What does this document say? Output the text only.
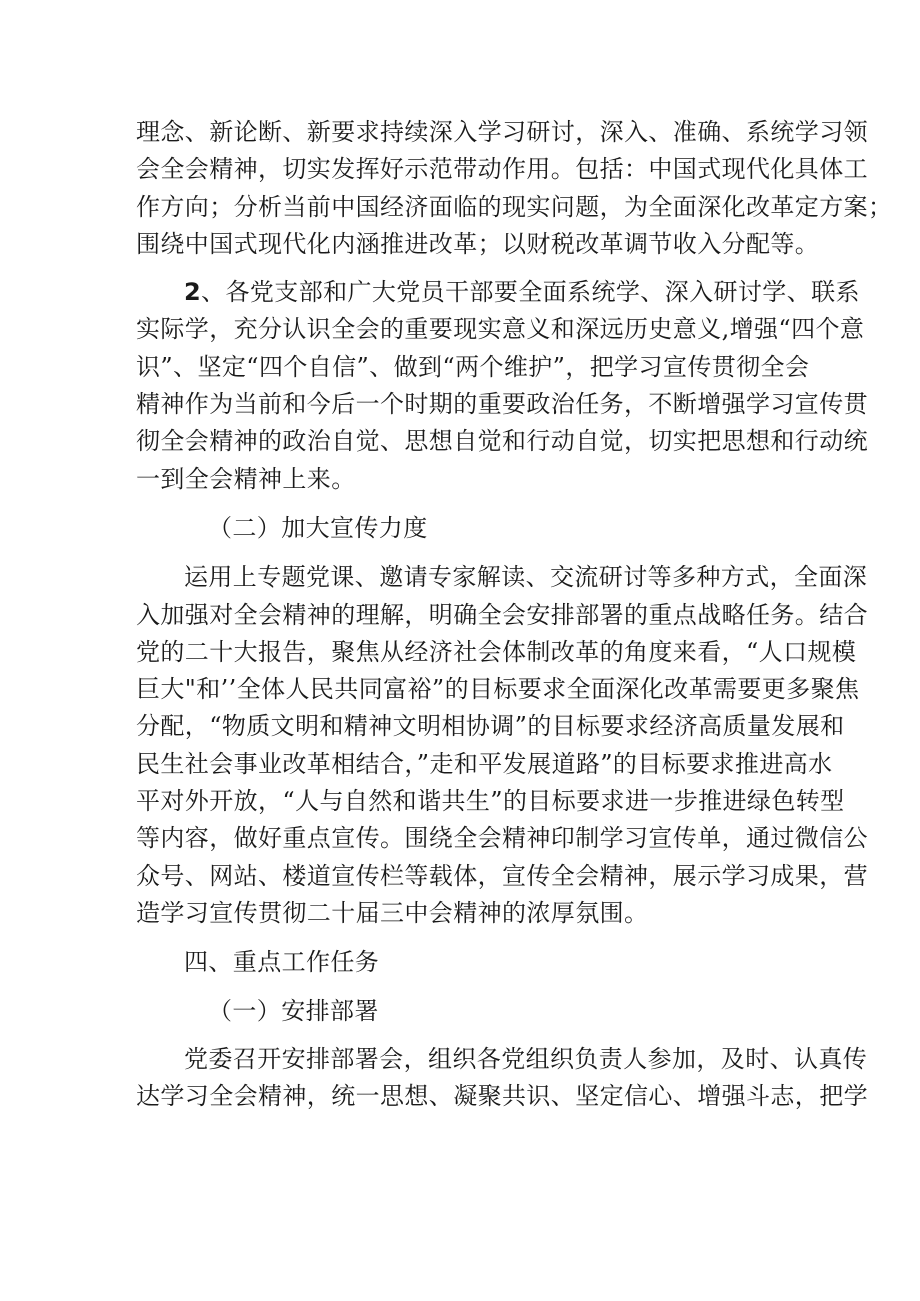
理念、新论断、新要求持续深入学习研讨，深入、准确、系统学习领
会全会精神，切实发挥好示范带动作用。包括：中国式现代化具体工
作方向；分析当前中国经济面临的现实问题，为全面深化改革定方案；
围绕中国式现代化内涵推进改革；以财税改革调节收入分配等。
2、各党支部和广大党员干部要全面系统学、深入研讨学、联系
实际学，充分认识全会的重要现实意义和深远历史意义,增强“四个意
识”、坚定“四个自信”、做到“两个维护”，把学习宣传贯彻全会
精神作为当前和今后一个时期的重要政治任务，不断增强学习宣传贯
彻全会精神的政治自觉、思想自觉和行动自觉，切实把思想和行动统
一到全会精神上来。
（二）加大宣传力度
运用上专题党课、邀请专家解读、交流研讨等多种方式，全面深
入加强对全会精神的理解，明确全会安排部署的重点战略任务。结合
党的二十大报告，聚焦从经济社会体制改革的角度来看，“人口规模
巨大"和’’全体人民共同富裕”的目标要求全面深化改革需要更多聚焦
分配，“物质文明和精神文明相协调”的目标要求经济高质量发展和
民生社会事业改革相结合，”走和平发展道路”的目标要求推进高水
平对外开放，“人与自然和谐共生”的目标要求进一步推进绿色转型
等内容，做好重点宣传。围绕全会精神印制学习宣传单，通过微信公
众号、网站、楼道宣传栏等载体，宣传全会精神，展示学习成果，营
造学习宣传贯彻二十届三中会精神的浓厚氛围。
四、重点工作任务
（一）安排部署
党委召开安排部署会，组织各党组织负责人参加，及时、认真传
达学习全会精神，统一思想、凝聚共识、坚定信心、增强斗志，把学
